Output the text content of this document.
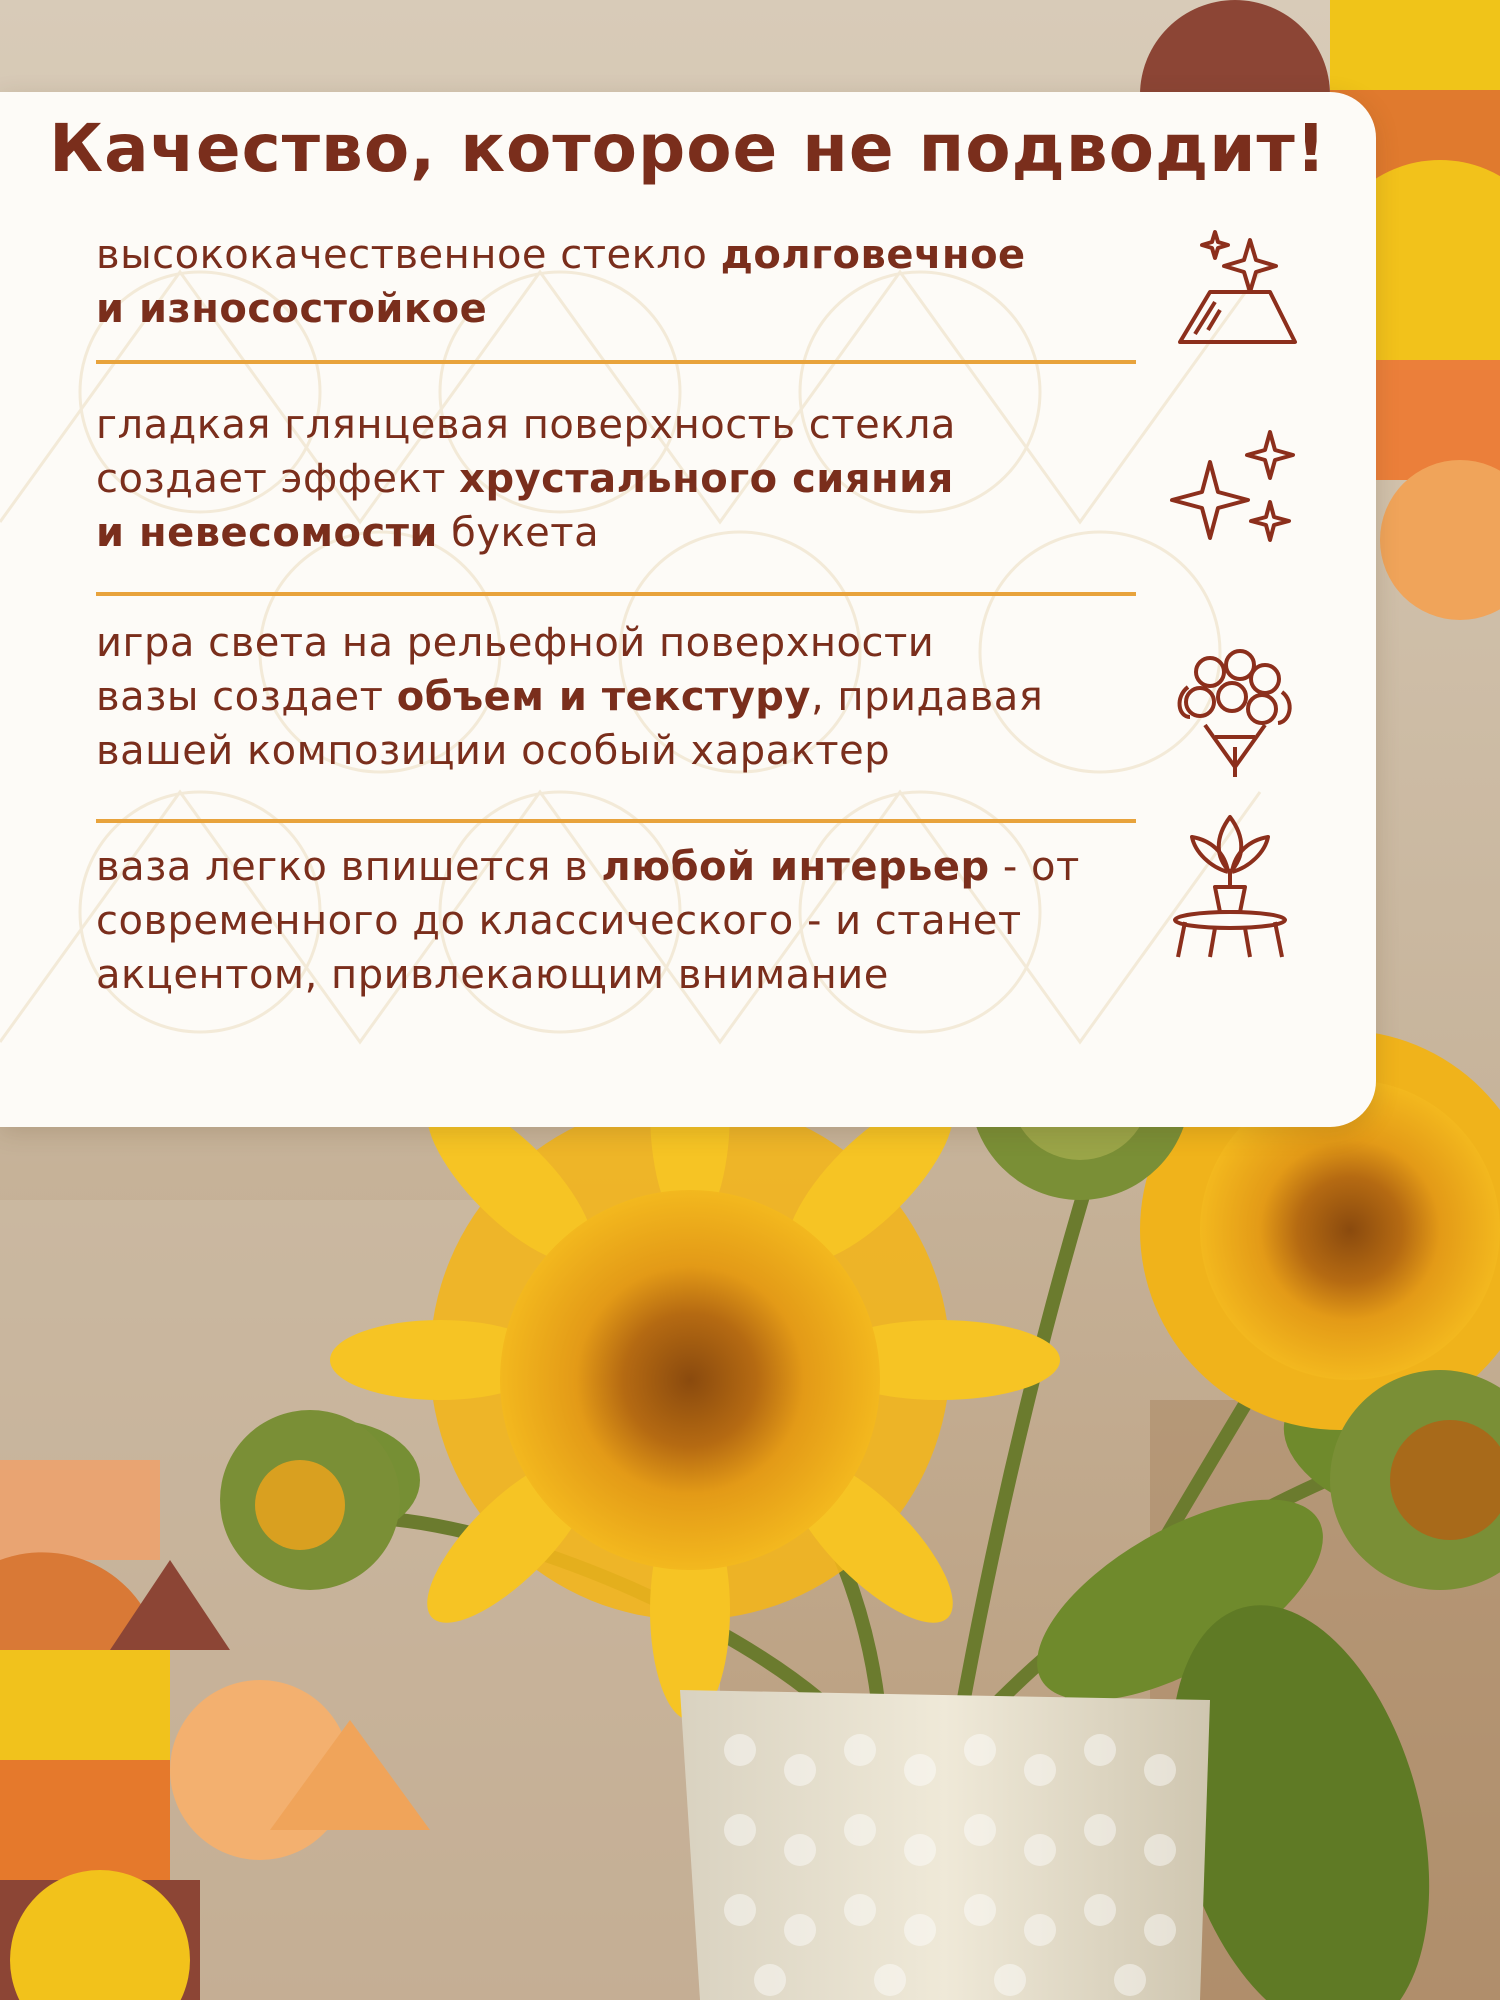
Качество, которое не подводит!

высококачественное стекло долговечное

и износостойкое

гладкая глянцевая поверхность стекла

создает эффект хрустального сияния

и невесомости букета

игра света на рельефной поверхности

вазы создает объем и текстуру, придавая

вашей композиции особый характер

ваза легко впишется в любой интерьер - от

современного до классического - и станет

акцентом, привлекающим внимание
